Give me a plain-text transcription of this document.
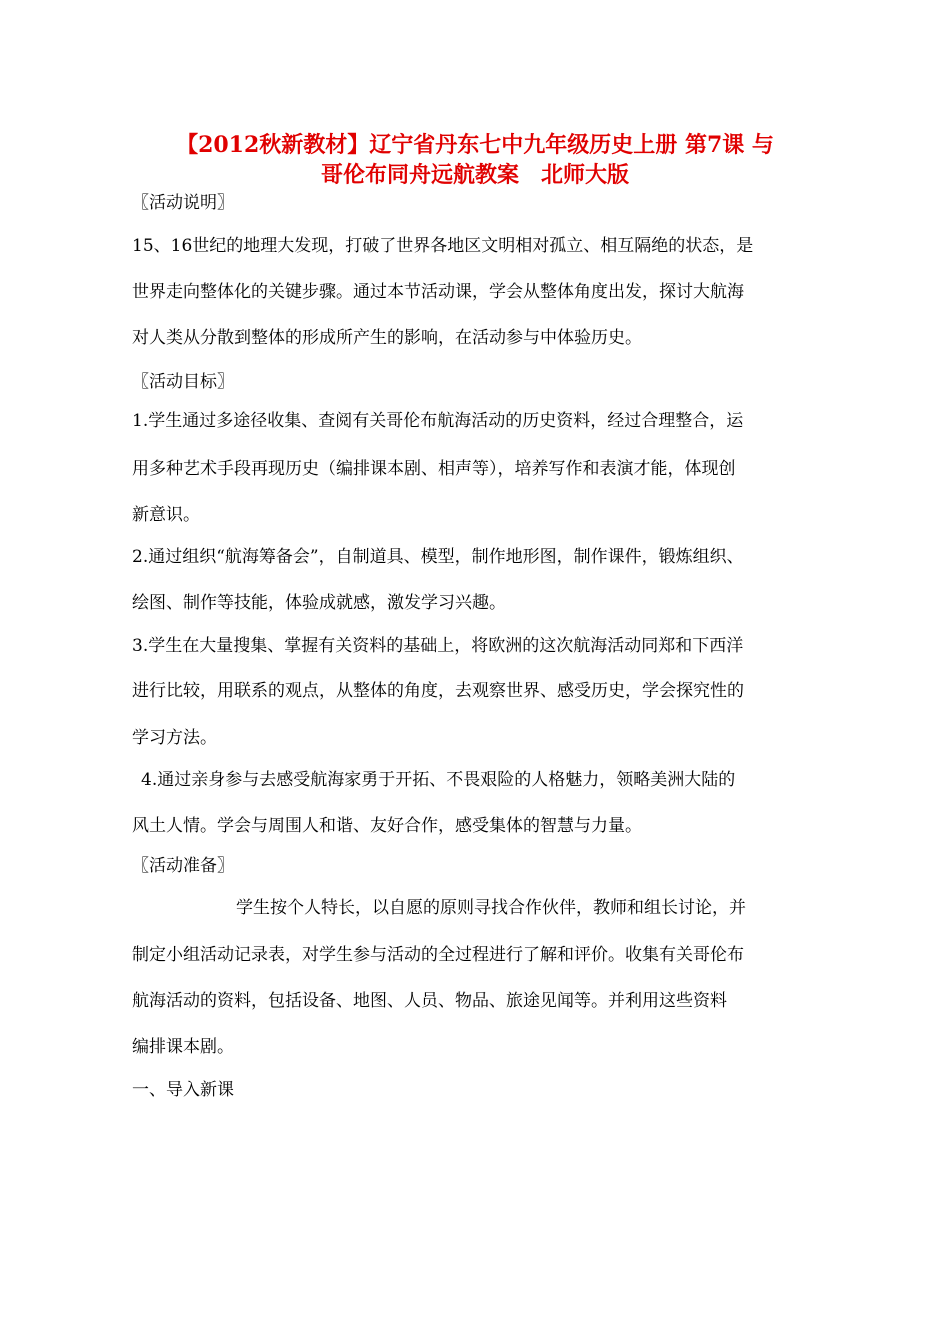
【2012秋新教材】辽宁省丹东七中九年级历史上册 第7课 与
哥伦布同舟远航教案　北师大版
〖活动说明〗
15、16世纪的地理大发现，打破了世界各地区文明相对孤立、相互隔绝的状态，是
世界走向整体化的关键步骤。通过本节活动课，学会从整体角度出发，探讨大航海
对人类从分散到整体的形成所产生的影响，在活动参与中体验历史。
〖活动目标〗
1.学生通过多途径收集、查阅有关哥伦布航海活动的历史资料，经过合理整合，运
用多种艺术手段再现历史（编排课本剧、相声等），培养写作和表演才能，体现创
新意识。
2.通过组织“航海筹备会”，自制道具、模型，制作地形图，制作课件，锻炼组织、
绘图、制作等技能，体验成就感，激发学习兴趣。
3.学生在大量搜集、掌握有关资料的基础上，将欧洲的这次航海活动同郑和下西洋
进行比较，用联系的观点，从整体的角度，去观察世界、感受历史，学会探究性的
学习方法。
4.通过亲身参与去感受航海家勇于开拓、不畏艰险的人格魅力，领略美洲大陆的
风土人情。学会与周围人和谐、友好合作，感受集体的智慧与力量。
〖活动准备〗
学生按个人特长，以自愿的原则寻找合作伙伴，教师和组长讨论，并
制定小组活动记录表，对学生参与活动的全过程进行了解和评价。收集有关哥伦布
航海活动的资料，包括设备、地图、人员、物品、旅途见闻等。并利用这些资料
编排课本剧。
一、导入新课
